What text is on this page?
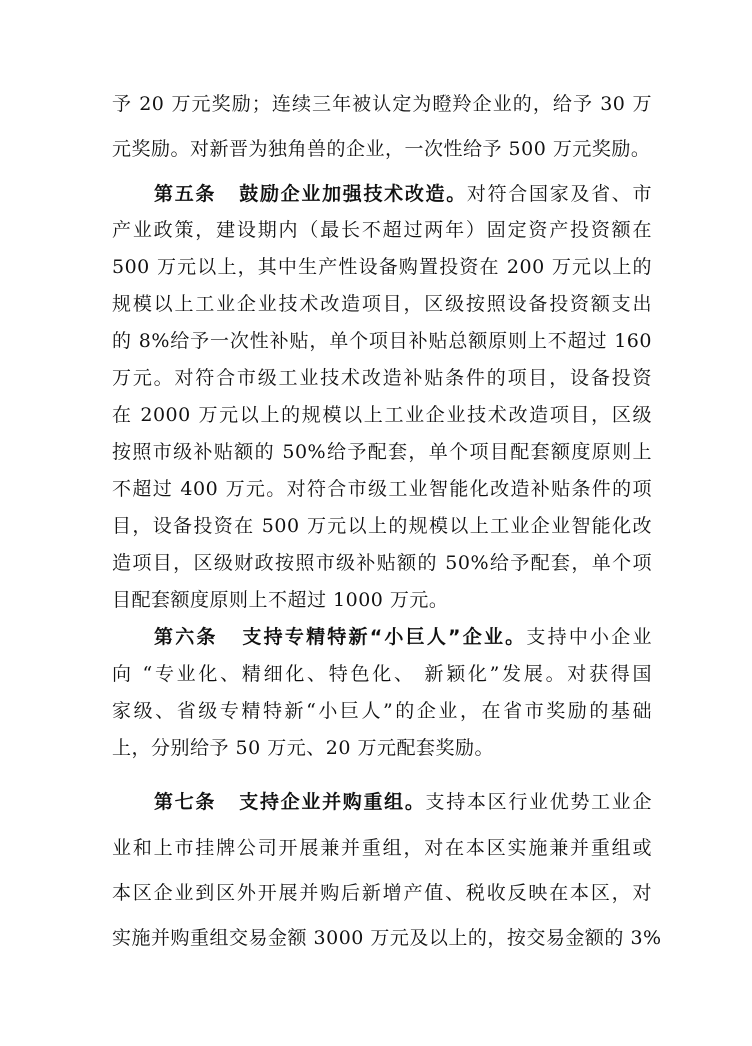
予 20 万元奖励；连续三年被认定为瞪羚企业的，给予 30 万
元奖励。对新晋为独角兽的企业，一次性给予 500 万元奖励。
第五条 鼓励企业加强技术改造。对符合国家及省、市
产业政策，建设期内（最长不超过两年）固定资产投资额在
500 万元以上，其中生产性设备购置投资在 200 万元以上的
规模以上工业企业技术改造项目，区级按照设备投资额支出
的 8%给予一次性补贴，单个项目补贴总额原则上不超过 160
万元。对符合市级工业技术改造补贴条件的项目，设备投资
在 2000 万元以上的规模以上工业企业技术改造项目，区级
按照市级补贴额的 50%给予配套，单个项目配套额度原则上
不超过 400 万元。对符合市级工业智能化改造补贴条件的项
目，设备投资在 500 万元以上的规模以上工业企业智能化改
造项目，区级财政按照市级补贴额的 50%给予配套，单个项
目配套额度原则上不超过 1000 万元。
第六条 支持专精特新“小巨人”企业。支持中小企业
向 “专业化、精细化、特色化、 新颖化”发展。对获得国
家级、省级专精特新“小巨人”的企业，在省市奖励的基础
上，分别给予 50 万元、20 万元配套奖励。
第七条 支持企业并购重组。支持本区行业优势工业企
业和上市挂牌公司开展兼并重组，对在本区实施兼并重组或
本区企业到区外开展并购后新增产值、税收反映在本区，对
实施并购重组交易金额 3000 万元及以上的，按交易金额的 3%
